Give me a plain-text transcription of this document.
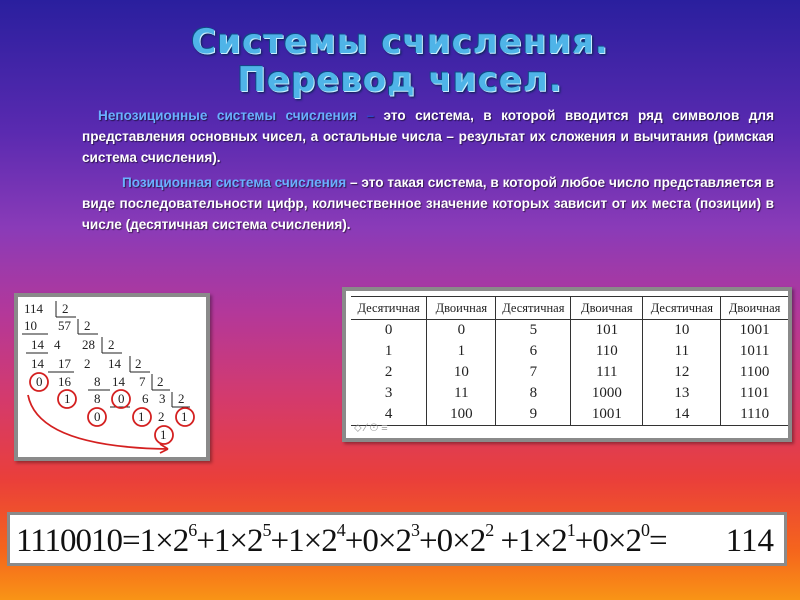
Системы счисления.
Перевод чисел.
Непозиционные системы счисления – это система, в которой вводится ряд символов для представления основных чисел, а остальные числа – результат их сложения и вычитания (римская система счисления).
Позиционная система счисления – это такая система, в которой любое число представляется в виде последовательности цифр, количественное значение которых зависит от их места (позиции) в числе (десятичная система счисления).
114 2
10 57 2
14 4 28 2
14 17 2 14 2
0 16 8 14 7 2
1 8 0 6 3 2
0	1 2 1
1
Десятичная	Двоичная	Десятичная	Двоичная	Десятичная	Двоичная
0	0	5	101	10	1001
1	1	6	110	11	1011
2	10	7	111	12	1100
3	11	8	1000	13	1101
4	100	9	1001	14	1110
⬦ ⁄ ⊙ ≡
$1110010=1\times 2^6+1\times 2^5+1\times 2^4+0\times 2^3+0\times 2^2 +1\times 2^1+0\times 2^0= 114$
